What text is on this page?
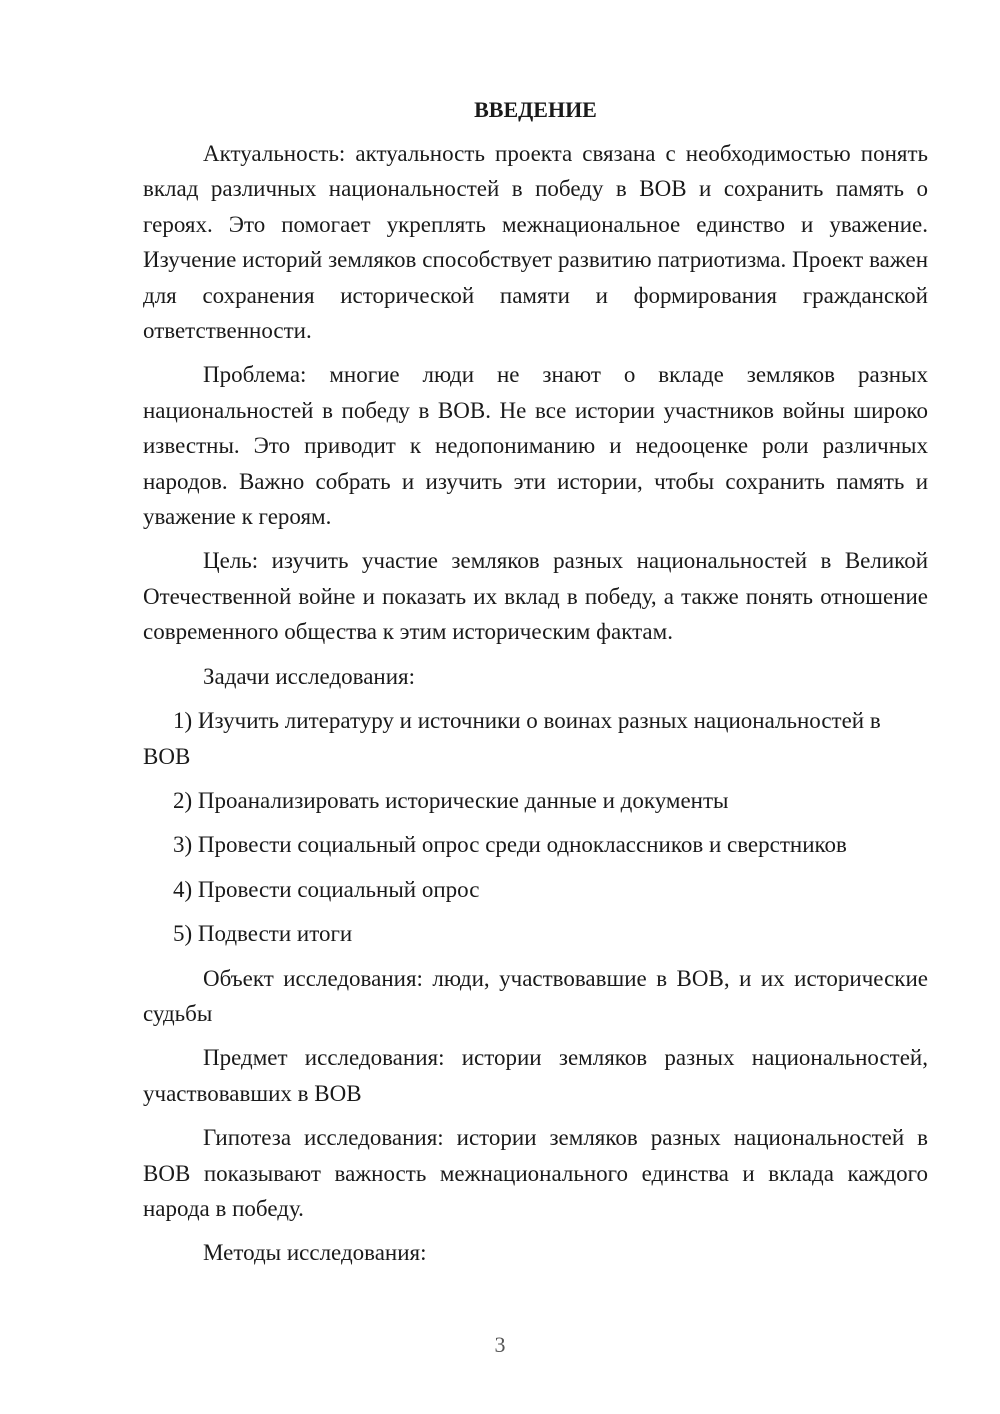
ВВЕДЕНИЕ

Актуальность: актуальность проекта связана с необходимостью понять вклад различных национальностей в победу в ВОВ и сохранить память о героях. Это помогает укреплять межнациональное единство и уважение. Изучение историй земляков способствует развитию патриотизма. Проект важен для сохранения исторической памяти и формирования гражданской ответственности.

Проблема: многие люди не знают о вкладе земляков разных национальностей в победу в ВОВ. Не все истории участников войны широко известны. Это приводит к недопониманию и недооценке роли различных народов. Важно собрать и изучить эти истории, чтобы сохранить память и уважение к героям.

Цель: изучить участие земляков разных национальностей в Великой Отечественной войне и показать их вклад в победу, а также понять отношение современного общества к этим историческим фактам.

Задачи исследования:

1) Изучить литературу и источники о воинах разных национальностей в ВОВ

2) Проанализировать исторические данные и документы

3) Провести социальный опрос среди одноклассников и сверстников

4) Провести социальный опрос

5) Подвести итоги

Объект исследования: люди, участвовавшие в ВОВ, и их исторические судьбы

Предмет исследования: истории земляков разных национальностей, участвовавших в ВОВ

Гипотеза исследования: истории земляков разных национальностей в ВОВ показывают важность межнационального единства и вклада каждого народа в победу.

Методы исследования:

3
